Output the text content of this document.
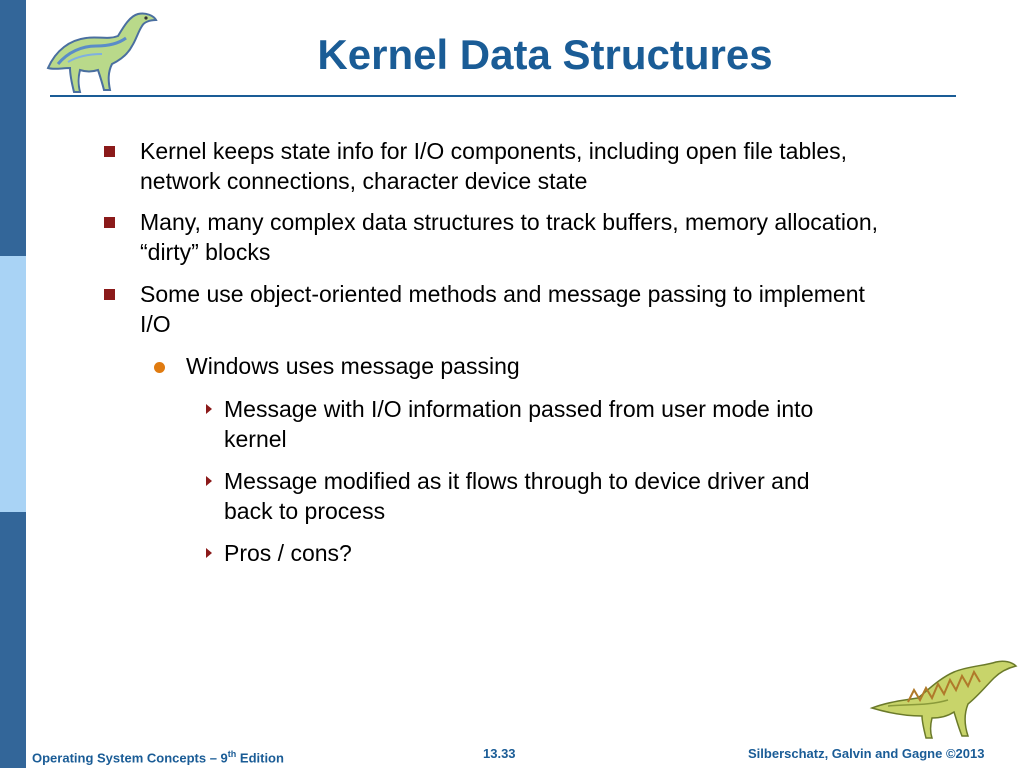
Kernel Data Structures
Kernel keeps state info for I/O components, including open file tables, network connections, character device state
Many, many complex data structures to track buffers, memory allocation, “dirty” blocks
Some use object-oriented methods and message passing to implement I/O
Windows uses message passing
Message with I/O information passed from user mode into kernel
Message modified as it flows through to device driver and back to process
Pros / cons?
Operating System Concepts – 9th Edition	13.33	Silberschatz, Galvin and Gagne ©2013
